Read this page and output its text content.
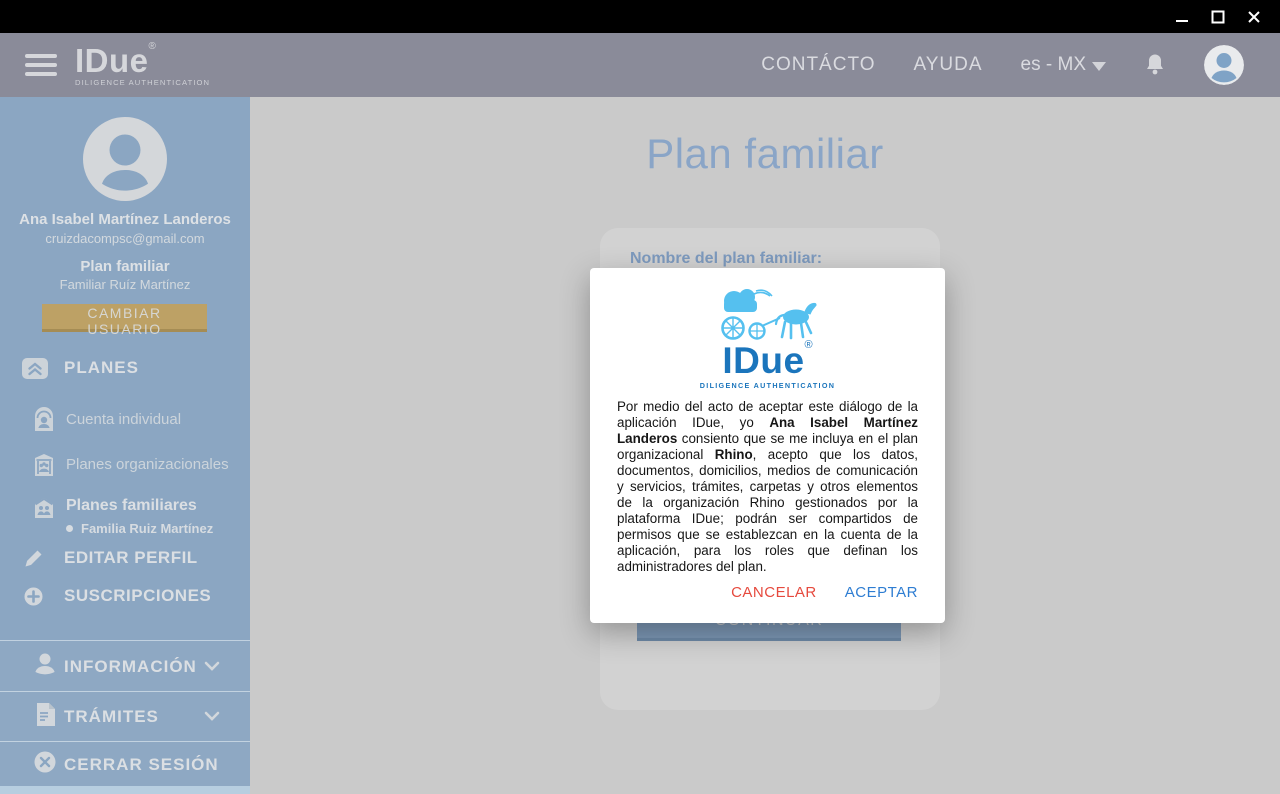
IDue ®
DILIGENCE AUTHENTICATION
CONTÁCTO AYUDA es - MX
Ana Isabel Martínez Landeros
cruizdacompsc@gmail.com
Plan familiar
Familiar Ruíz Martínez
CAMBIAR USUARIO
PLANES
Cuenta individual
Planes organizacionales
Planes familiares
Familia Ruiz Martínez
EDITAR PERFIL
SUSCRIPCIONES
INFORMACIÓN
TRÁMITES
CERRAR SESIÓN
Plan familiar
Nombre del plan familiar:
IDue ®
DILIGENCE AUTHENTICATION

Por medio del acto de aceptar este diálogo de la aplicación IDue, yo Ana Isabel Martínez Landeros consiento que se me incluya en el plan organizacional Rhino, acepto que los datos, documentos, domicilios, medios de comunicación y servicios, trámites, carpetas y otros elementos de la organización Rhino gestionados por la plataforma IDue; podrán ser compartidos de permisos que se establezcan en la cuenta de la aplicación, para los roles que definan los administradores del plan.

CANCELAR ACEPTAR
